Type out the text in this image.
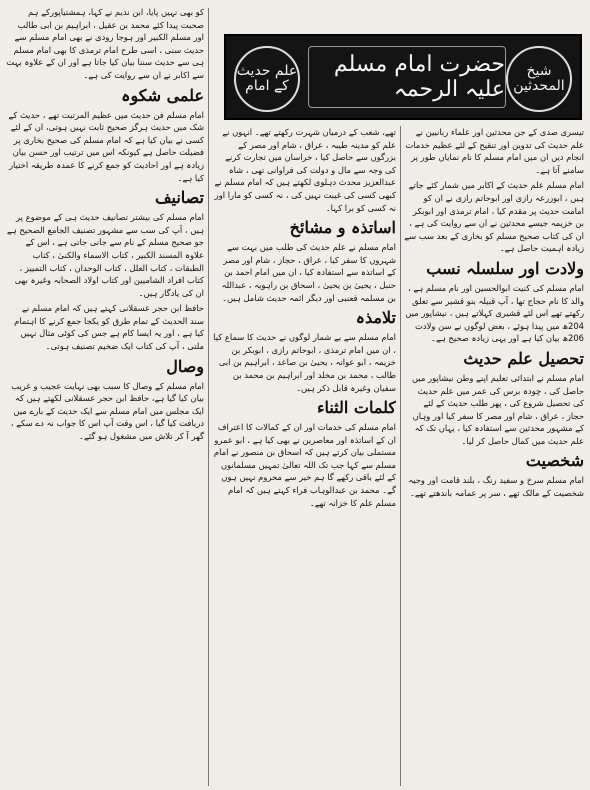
علم حدیث کے امام
حضرت امام مسلم علیہ الرحمہ
شیخ المحدثین

تیسری صدی کے جن محدثین اور علماء ربانیین نے علم حدیث کی تدوین اور تنقیح کے لئے عظیم خدمات انجام دیں ان میں امام مسلم کا نام نمایاں طور پر سامنے آتا ہے۔

امام مسلم علم حدیث کے اکابر میں شمار کئے جاتے ہیں ، ابوزرعہ رازی اور ابوحاتم رازی نے ان کو امامت حدیث پر مقدم کیا ، امام ترمذی اور ابوبکر بن خزیمہ جیسے محدثین نے ان سے روایت کی ہے ، ان کی کتاب صحیح مسلم کو بخاری کے بعد سب سے زیادہ اہمیت حاصل ہے۔

ولادت اور سلسلہ نسب

امام مسلم کی کنیت ابوالحسین اور نام مسلم ہے ، والد کا نام حجاج تھا ، آپ قبیلہ بنو قشیر سے تعلق رکھتے تھے اس لئے قشیری کہلاتے ہیں ، نیشاپور میں 204ھ میں پیدا ہوئے ، بعض لوگوں نے سن ولادت 206ھ بیان کیا ہے اور یہی زیادہ صحیح ہے۔

تحصیل علم حدیث

امام مسلم نے ابتدائی تعلیم اپنے وطن نیشاپور میں حاصل کی ، چودہ برس کی عمر میں علم حدیث کی تحصیل شروع کی ، پھر طلب حدیث کے لئے حجاز ، عراق ، شام اور مصر کا سفر کیا اور وہاں کے مشہور محدثین سے استفادہ کیا ، یہاں تک کہ علم حدیث میں کمال حاصل کر لیا۔

شخصیت

امام مسلم سرخ و سفید رنگ ، بلند قامت اور وجیہ شخصیت کے مالک تھے ، سر پر عمامہ باندھتے تھے۔

تھے، شعب کے درمیان شہرت رکھتے تھے۔ انہوں نے علم کو مدینہ طیبہ ، عراق ، شام اور مصر کے بزرگوں سے حاصل کیا ، خراسان میں تجارت کرنے کی وجہ سے مال و دولت کی فراوانی تھی ، شاہ عبدالعزیز محدث دہلوی لکھتے ہیں کہ امام مسلم نے کبھی کسی کی غیبت نہیں کی ، نہ کسی کو مارا اور نہ کسی کو برا کہا۔

اساتذہ و مشائخ

امام مسلم نے علم حدیث کی طلب میں بہت سے شہروں کا سفر کیا ، عراق ، حجاز ، شام اور مصر کے اساتذہ سے استفادہ کیا ، ان میں امام احمد بن حنبل ، یحییٰ بن یحییٰ ، اسحاق بن راہویہ ، عبداللہ بن مسلمہ قعنبی اور دیگر ائمہ حدیث شامل ہیں۔

تلامذہ

امام مسلم سے بے شمار لوگوں نے حدیث کا سماع کیا ، ان میں امام ترمذی ، ابوحاتم رازی ، ابوبکر بن خزیمہ ، ابو عوانہ ، یحییٰ بن صاعد ، ابراہیم بن ابی طالب ، محمد بن مخلد اور ابراہیم بن محمد بن سفیان وغیرہ قابل ذکر ہیں۔

کلمات الثناء

امام مسلم کی خدمات اور ان کے کمالات کا اعتراف ان کے اساتذہ اور معاصرین نے بھی کیا ہے ، ابو عمرو مستملی بیان کرتے ہیں کہ اسحاق بن منصور نے امام مسلم سے کہا جب تک اللہ تعالیٰ تمہیں مسلمانوں کے لئے باقی رکھے گا ہم خیر سے محروم نہیں ہوں گے۔ محمد بن عبدالوہاب فراء کہتے ہیں کہ امام مسلم علم کا خزانہ تھے۔

کو بھی نہیں پایا، ابن ندیم نے کہا، ہمشتیاپورکے ہم صحبت پیدا کئے محمد بن عقیل ، ابراہیم بن ابی طالب اور مسلم الکبیر اور ہوجا رودی نے بھی امام مسلم سے حدیث سنی ، اسی طرح امام ترمذی کا بھی امام مسلم ہی سے حدیث سننا بیان کیا جاتا ہے اور ان کے علاوہ بہت سے اکابر نے ان سے روایت کی ہے۔

علمی شکوہ

امام مسلم فن حدیث میں عظیم المرتبت تھے ، حدیث کے شک میں حدیث ہرگز صحیح ثابت نہیں ہوتی، ان کے لئے کسی نے بیان کیا ہے کہ امام مسلم کی صحیح بخاری پر فضیلت حاصل ہے کیونکہ اس میں ترتیب اور حسن بیان زیادہ ہے اور احادیث کو جمع کرنے کا عمدہ طریقہ اختیار کیا ہے۔

تصانیف

امام مسلم کی بیشتر تصانیف حدیث ہی کے موضوع پر ہیں ، آپ کی سب سے مشہور تصنیف الجامع الصحیح ہے جو صحیح مسلم کے نام سے جانی جاتی ہے ، اس کے علاوہ المسند الکبیر ، کتاب الاسماء والکنیٰ ، کتاب الطبقات ، کتاب العلل ، کتاب الوحدان ، کتاب التمییز ، کتاب افراد الشامیین اور کتاب اولاد الصحابہ وغیرہ بھی ان کی یادگار ہیں۔

حافظ ابن حجر عسقلانی کہتے ہیں کہ امام مسلم نے سند الحدیث کے تمام طرق کو یکجا جمع کرنے کا اہتمام کیا ہے ، اور یہ ایسا کام ہے جس کی کوئی مثال نہیں ملتی ، آپ کی کتاب ایک ضخیم تصنیف ہوتی۔

وصال

امام مسلم کے وصال کا سبب بھی نہایت عجیب و غریب بیان کیا گیا ہے، حافظ ابن حجر عسقلانی لکھتے ہیں کہ ایک مجلس میں امام مسلم سے ایک حدیث کے بارے میں دریافت کیا گیا ، اس وقت آپ اس کا جواب نہ دے سکے ، گھر آ کر تلاش میں مشغول ہو گئے۔
